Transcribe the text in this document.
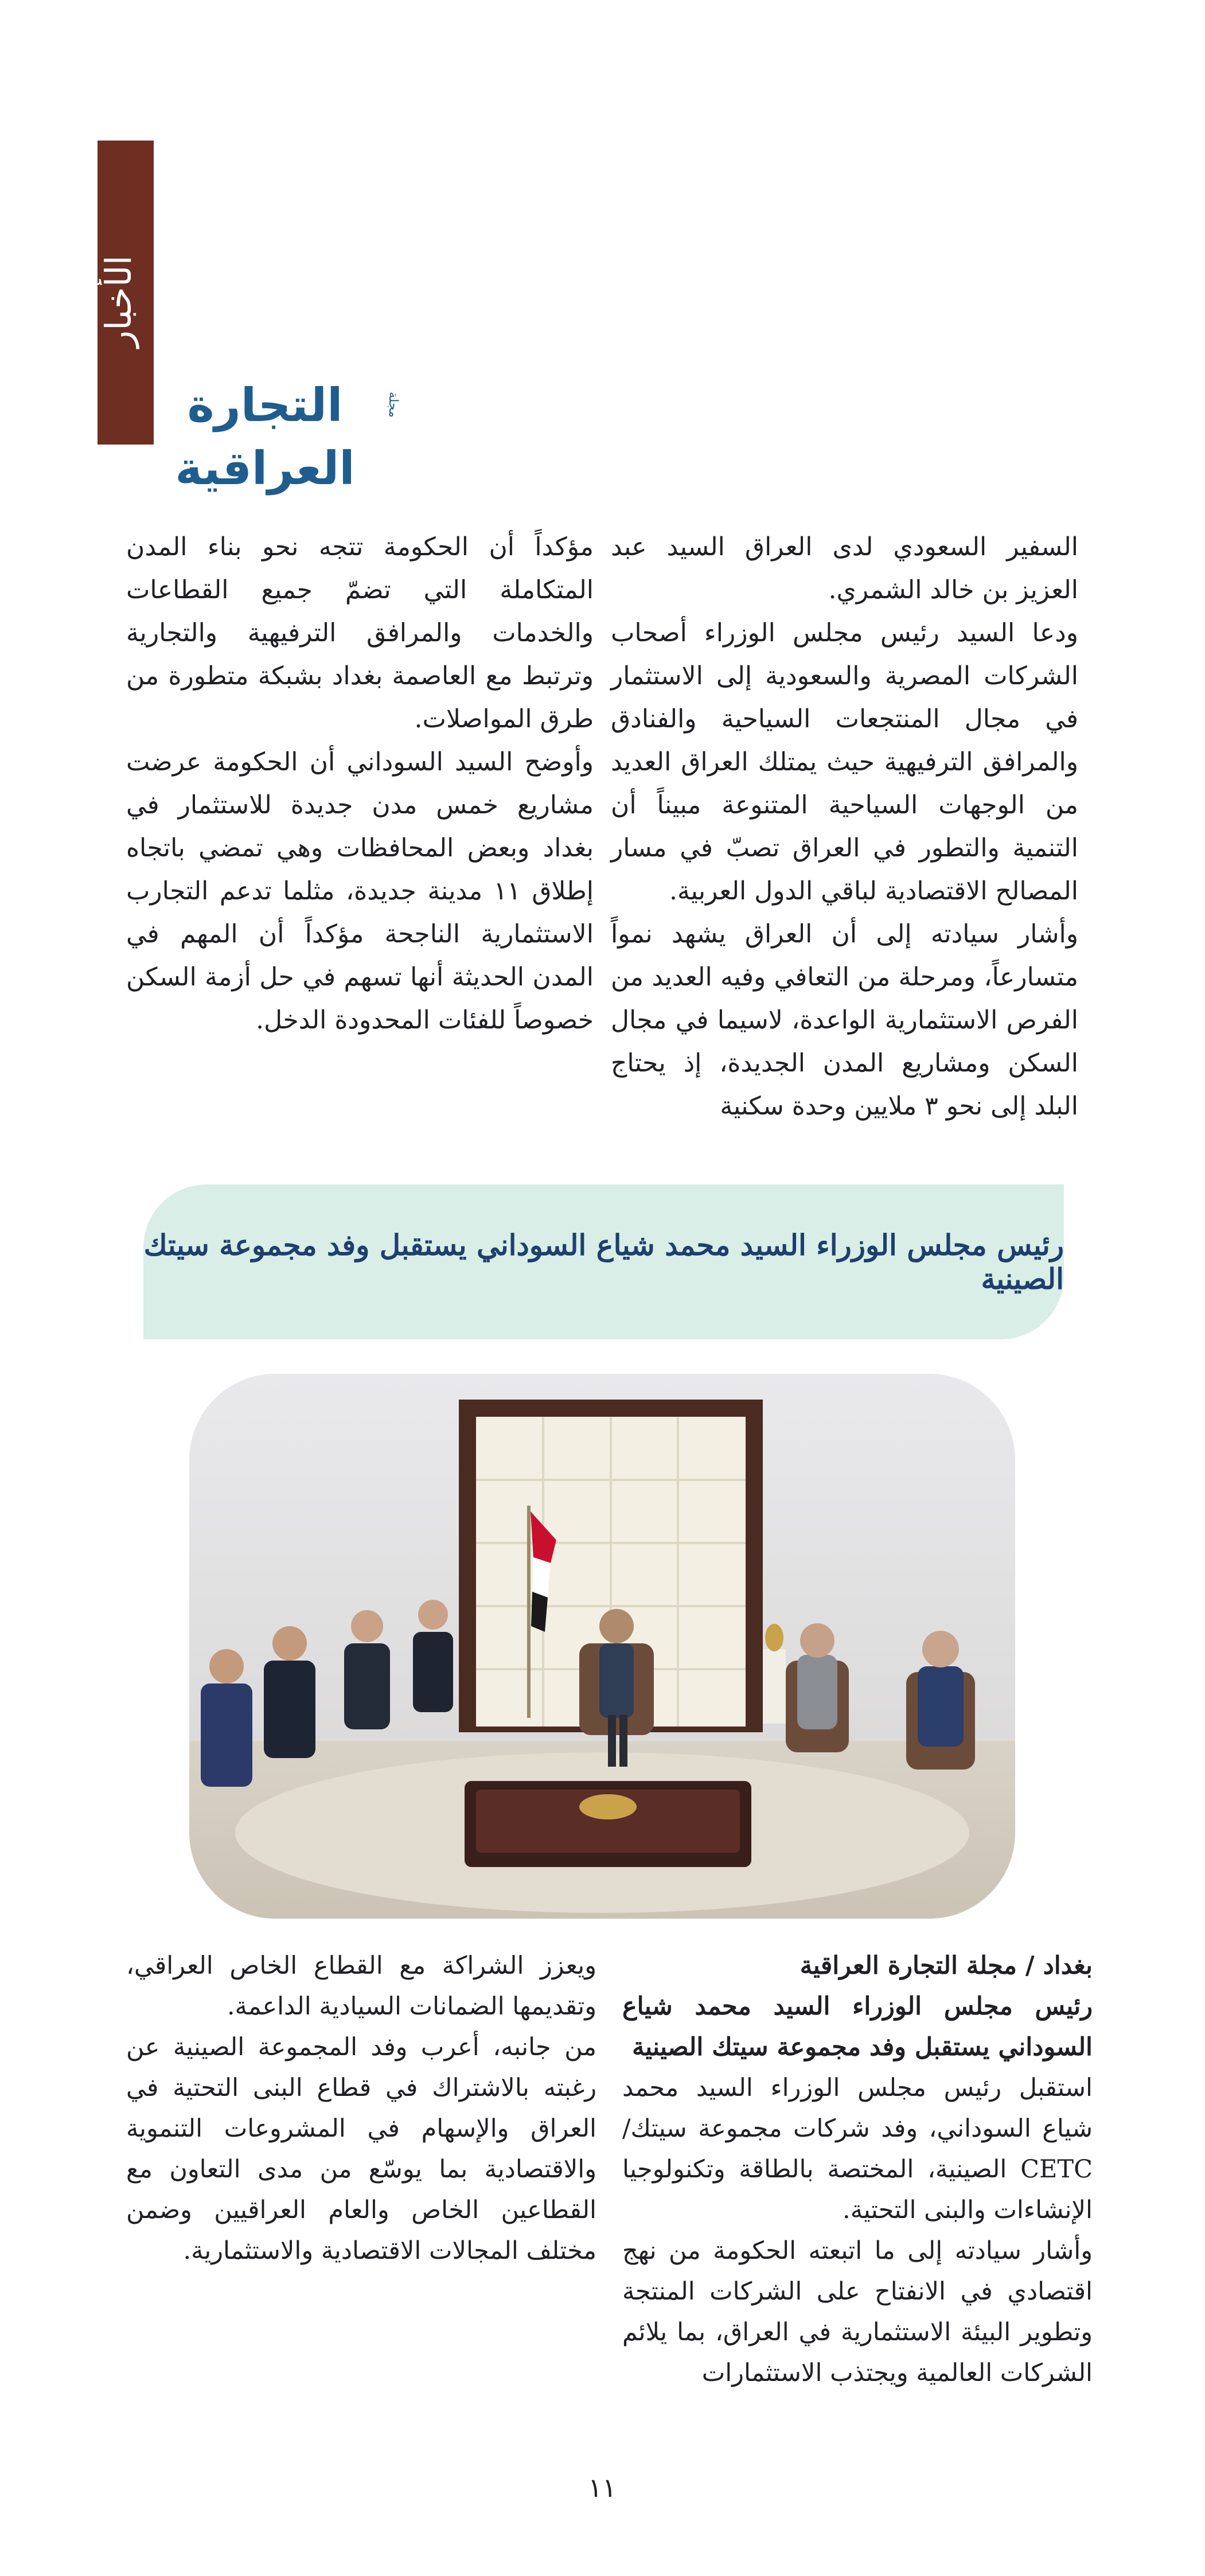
الأخبار
التجارة العراقية
مجلة

السفير السعودي لدى العراق السيد عبد العزيز بن خالد الشمري.

ودعا السيد رئيس مجلس الوزراء أصحاب الشركات المصرية والسعودية إلى الاستثمار في مجال المنتجعات السياحية والفنادق والمرافق الترفيهية حيث يمتلك العراق العديد من الوجهات السياحية المتنوعة مبيناً أن التنمية والتطور في العراق تصبّ في مسار المصالح الاقتصادية لباقي الدول العربية.

وأشار سيادته إلى أن العراق يشهد نمواً متسارعاً، ومرحلة من التعافي وفيه العديد من الفرص الاستثمارية الواعدة، لاسيما في مجال السكن ومشاريع المدن الجديدة، إذ يحتاج البلد إلى نحو ٣ ملايين وحدة سكنية

مؤكداً أن الحكومة تتجه نحو بناء المدن المتكاملة التي تضمّ جميع القطاعات والخدمات والمرافق الترفيهية والتجارية وترتبط مع العاصمة بغداد بشبكة متطورة من طرق المواصلات.

وأوضح السيد السوداني أن الحكومة عرضت مشاريع خمس مدن جديدة للاستثمار في بغداد وبعض المحافظات وهي تمضي باتجاه إطلاق ١١ مدينة جديدة، مثلما تدعم التجارب الاستثمارية الناجحة مؤكداً أن المهم في المدن الحديثة أنها تسهم في حل أزمة السكن خصوصاً للفئات المحدودة الدخل.

رئيس مجلس الوزراء السيد محمد شياع السوداني يستقبل وفد مجموعة سيتك الصينية

بغداد / مجلة التجارة العراقية

رئيس مجلس الوزراء السيد محمد شياع السوداني يستقبل وفد مجموعة سيتك الصينية

استقبل رئيس مجلس الوزراء السيد محمد شياع السوداني، وفد شركات مجموعة سيتك/ CETC الصينية، المختصة بالطاقة وتكنولوجيا الإنشاءات والبنى التحتية.

وأشار سيادته إلى ما اتبعته الحكومة من نهج اقتصادي في الانفتاح على الشركات المنتجة وتطوير البيئة الاستثمارية في العراق، بما يلائم الشركات العالمية ويجتذب الاستثمارات

ويعزز الشراكة مع القطاع الخاص العراقي، وتقديمها الضمانات السيادية الداعمة.

من جانبه، أعرب وفد المجموعة الصينية عن رغبته بالاشتراك في قطاع البنى التحتية في العراق والإسهام في المشروعات التنموية والاقتصادية بما يوسّع من مدى التعاون مع القطاعين الخاص والعام العراقيين وضمن مختلف المجالات الاقتصادية والاستثمارية.

١١
